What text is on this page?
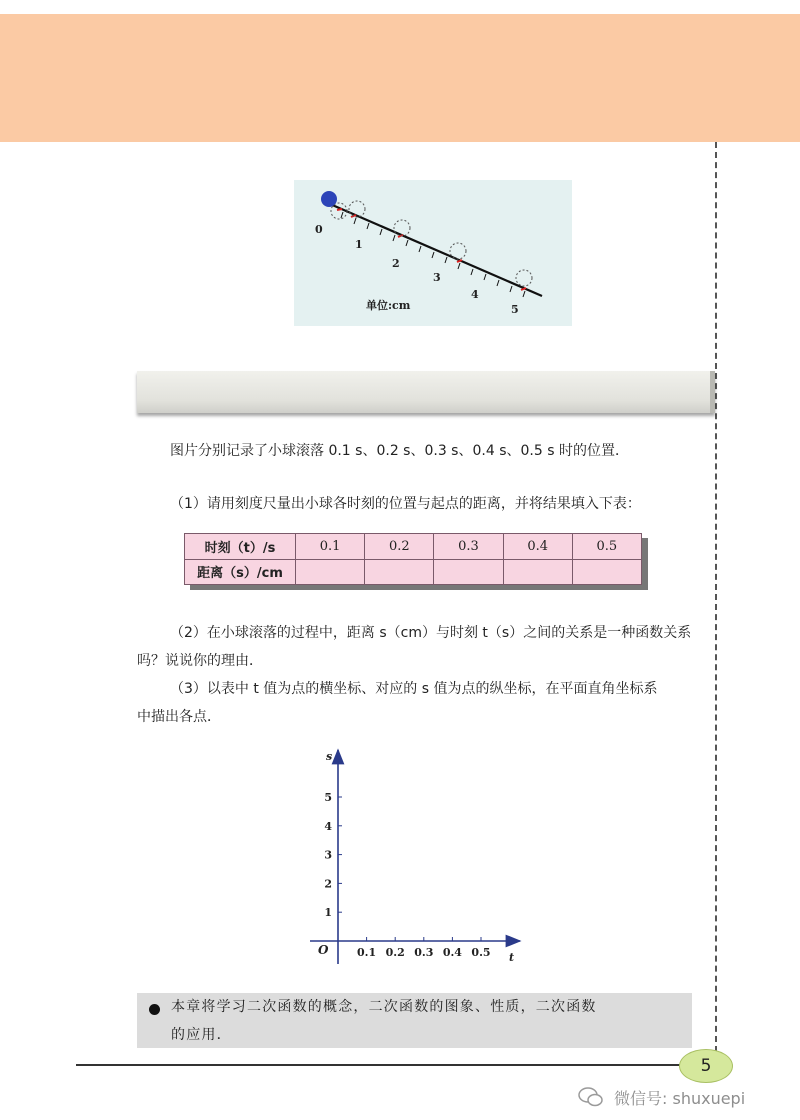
0
1
2
3
4
5
单位:cm

图片分别记录了小球滚落 0.1 s、0.2 s、0.3 s、0.4 s、0.5 s 时的位置．

（1）请用刻度尺量出小球各时刻的位置与起点的距离，并将结果填入下表：

时刻（t）/s	0.1	0.2	0.3	0.4	0.5
距离（s）/cm					

（2）在小球滚落的过程中，距离 s（cm）与时刻 t（s）之间的关系是一种函数关系

吗？说说你的理由．

（3）以表中 t 值为点的横坐标、对应的 s 值为点的纵坐标，在平面直角坐标系

中描出各点．

O
t
s
0.1 0.2 0.3 0.4 0.5
1
2
3
4
5
本章将学习二次函数的概念，二次函数的图象、性质，二次函数
的应用．
5
微信号: shuxuepi
